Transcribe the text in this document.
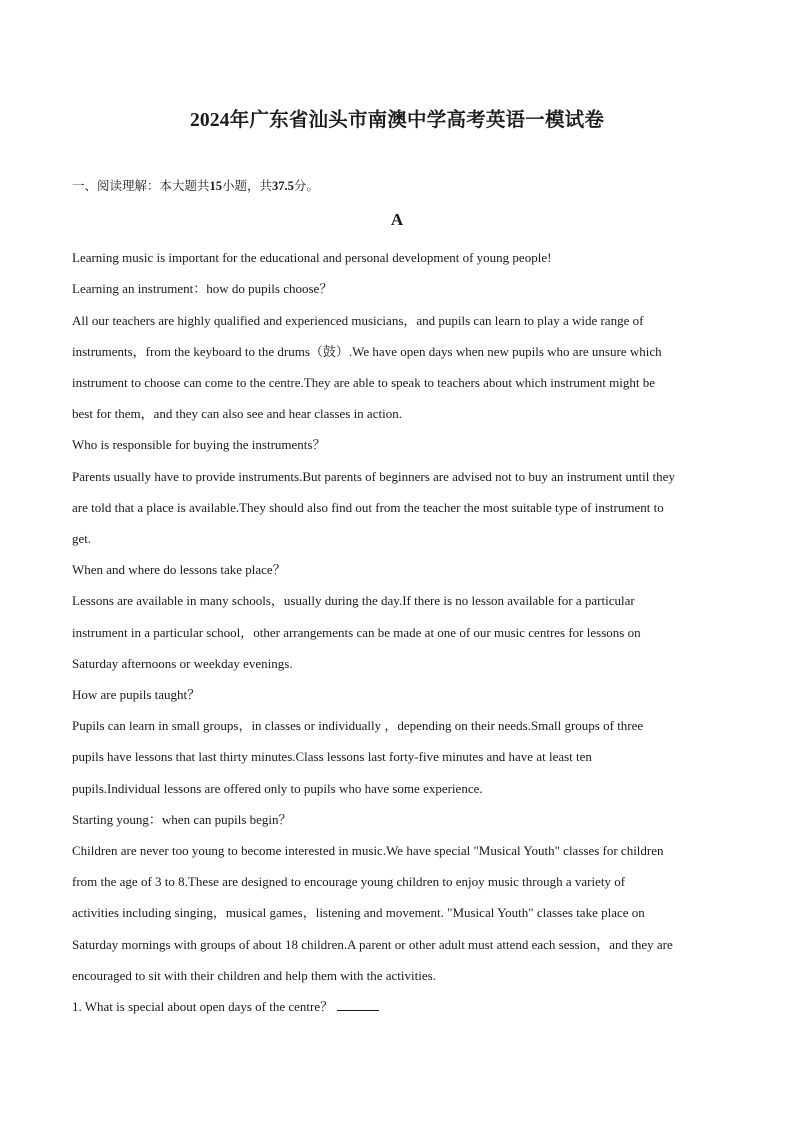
2024年广东省汕头市南澳中学高考英语一模试卷
一、阅读理解：本大题共15小题，共37.5分。
A
Learning music is important for the educational and personal development of young people!
Learning an instrument：how do pupils choose？
All our teachers are highly qualified and experienced musicians，and pupils can learn to play a wide range of
instruments，from the keyboard to the drums（鼓）.We have open days when new pupils who are unsure which
instrument to choose can come to the centre.They are able to speak to teachers about which instrument might be
best for them，and they can also see and hear classes in action.
Who is responsible for buying the instruments？
Parents usually have to provide instruments.But parents of beginners are advised not to buy an instrument until they
are told that a place is available.They should also find out from the teacher the most suitable type of instrument to
get.
When and where do lessons take place？
Lessons are available in many schools，usually during the day.If there is no lesson available for a particular
instrument in a particular school，other arrangements can be made at one of our music centres for lessons on
Saturday afternoons or weekday evenings.
How are pupils taught？
Pupils can learn in small groups，in classes or individually ，depending on their needs.Small groups of three
pupils have lessons that last thirty minutes.Class lessons last forty-five minutes and have at least ten
pupils.Individual lessons are offered only to pupils who have some experience.
Starting young：when can pupils begin？
Children are never too young to become interested in music.We have special "Musical Youth" classes for children
from the age of 3 to 8.These are designed to encourage young children to enjoy music through a variety of
activities including singing，musical games，listening and movement. "Musical Youth" classes take place on
Saturday mornings with groups of about 18 children.A parent or other adult must attend each session，and they are
encouraged to sit with their children and help them with the activities.
1. What is special about open days of the centre？
